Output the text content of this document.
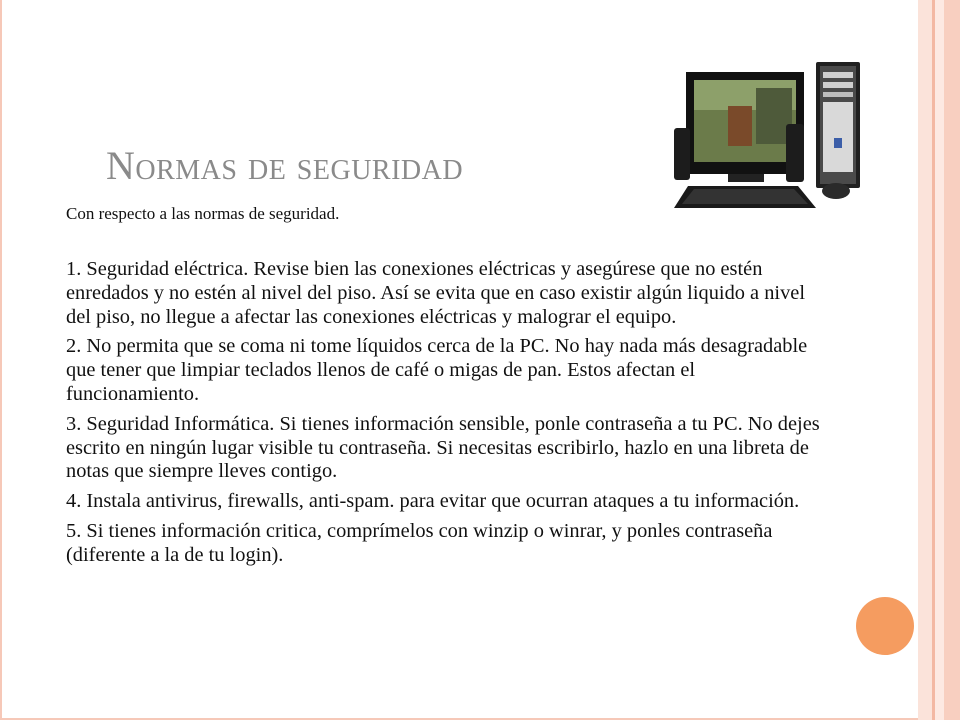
Normas de seguridad
Con respecto a las normas de seguridad.

1. Seguridad eléctrica. Revise bien las conexiones eléctricas y asegúrese que no estén enredados y no estén al nivel del piso. Así se evita que en caso existir algún liquido a nivel del piso, no llegue a afectar las conexiones eléctricas y malograr el equipo.

2. No permita que se coma ni tome líquidos cerca de la PC. No hay nada más desagradable que tener que limpiar teclados llenos de café o migas de pan. Estos afectan el funcionamiento.

3. Seguridad Informática. Si tienes información sensible, ponle contraseña a tu PC. No dejes escrito en ningún lugar visible tu contraseña. Si necesitas escribirlo, hazlo en una libreta de notas que siempre lleves contigo.

4. Instala antivirus, firewalls, anti-spam. para evitar que ocurran ataques a tu información.

5. Si tienes información critica, comprímelos con winzip o winrar, y ponles contraseña (diferente a la de tu login).
